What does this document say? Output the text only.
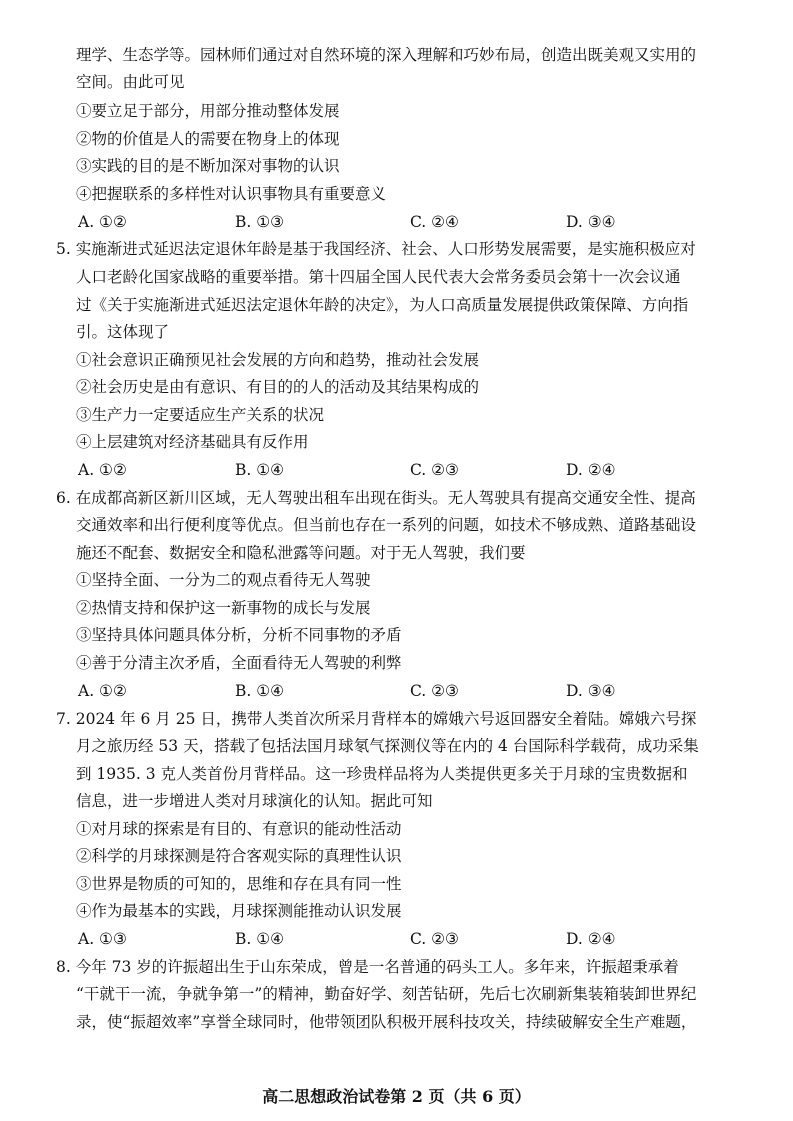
理学、生态学等。园林师们通过对自然环境的深入理解和巧妙布局，创造出既美观又实用的
空间。由此可见
①要立足于部分，用部分推动整体发展
②物的价值是人的需要在物身上的体现
③实践的目的是不断加深对事物的认识
④把握联系的多样性对认识事物具有重要意义
A. ①②	B. ①③	C. ②④	D. ③④
5. 实施渐进式延迟法定退休年龄是基于我国经济、社会、人口形势发展需要，是实施积极应对
人口老龄化国家战略的重要举措。第十四届全国人民代表大会常务委员会第十一次会议通
过《关于实施渐进式延迟法定退休年龄的决定》，为人口高质量发展提供政策保障、方向指
引。这体现了
①社会意识正确预见社会发展的方向和趋势，推动社会发展
②社会历史是由有意识、有目的的人的活动及其结果构成的
③生产力一定要适应生产关系的状况
④上层建筑对经济基础具有反作用
A. ①②	B. ①④	C. ②③	D. ②④
6. 在成都高新区新川区域，无人驾驶出租车出现在街头。无人驾驶具有提高交通安全性、提高
交通效率和出行便利度等优点。但当前也存在一系列的问题，如技术不够成熟、道路基础设
施还不配套、数据安全和隐私泄露等问题。对于无人驾驶，我们要
①坚持全面、一分为二的观点看待无人驾驶
②热情支持和保护这一新事物的成长与发展
③坚持具体问题具体分析，分析不同事物的矛盾
④善于分清主次矛盾，全面看待无人驾驶的利弊
A. ①②	B. ①④	C. ②③	D. ③④
7. 2024 年 6 月 25 日，携带人类首次所采月背样本的嫦娥六号返回器安全着陆。嫦娥六号探
月之旅历经 53 天，搭载了包括法国月球氡气探测仪等在内的 4 台国际科学载荷，成功采集
到 1935. 3 克人类首份月背样品。这一珍贵样品将为人类提供更多关于月球的宝贵数据和
信息，进一步增进人类对月球演化的认知。据此可知
①对月球的探索是有目的、有意识的能动性活动
②科学的月球探测是符合客观实际的真理性认识
③世界是物质的可知的，思维和存在具有同一性
④作为最基本的实践，月球探测能推动认识发展
A. ①③	B. ①④	C. ②③	D. ②④
8. 今年 73 岁的许振超出生于山东荣成，曾是一名普通的码头工人。多年来，许振超秉承着
“干就干一流，争就争第一”的精神，勤奋好学、刻苦钻研，先后七次刷新集装箱装卸世界纪
录，使“振超效率”享誉全球同时，他带领团队积极开展科技攻关，持续破解安全生产难题，
高二思想政治试卷第 2 页（共 6 页）
